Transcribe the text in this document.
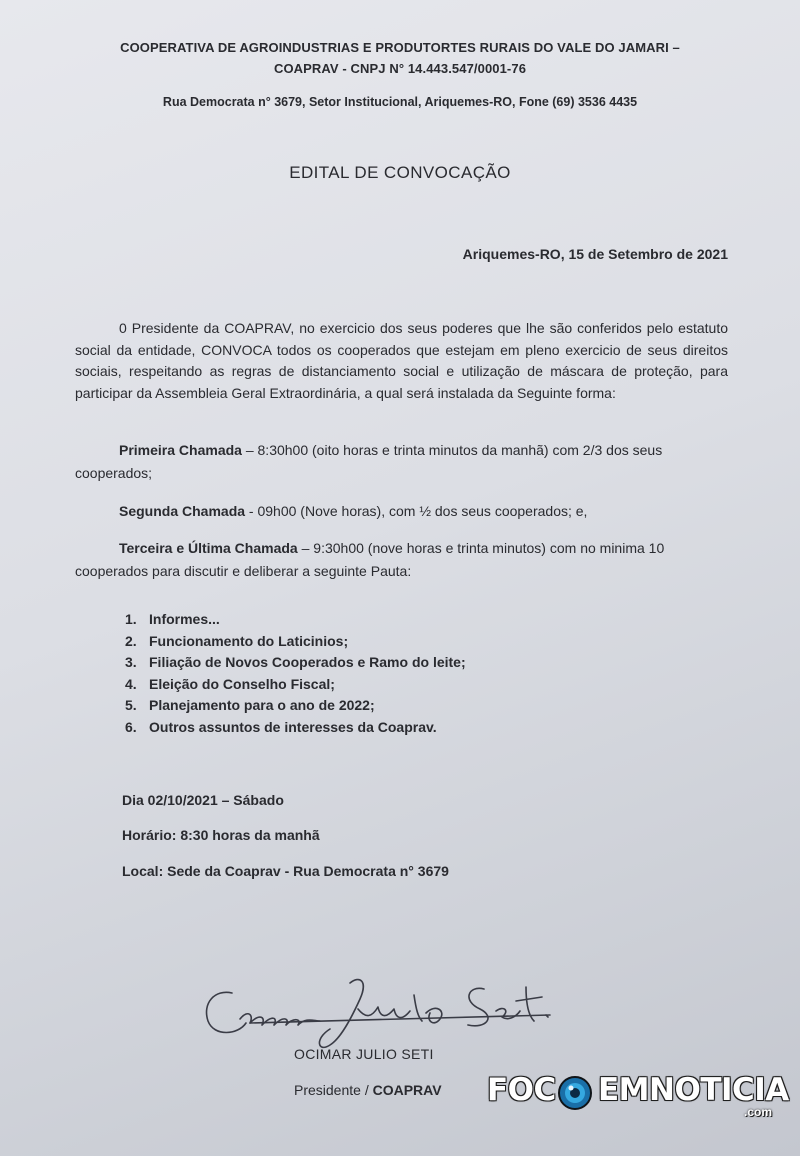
COOPERATIVA DE AGROINDUSTRIAS E PRODUTORTES RURAIS DO VALE DO JAMARI –
COAPRAV - CNPJ N° 14.443.547/0001-76
Rua Democrata n° 3679, Setor Institucional, Ariquemes-RO, Fone (69) 3536 4435
EDITAL DE CONVOCAÇÃO
Ariquemes-RO, 15 de Setembro de 2021
0 Presidente da COAPRAV, no exercicio dos seus poderes que lhe são conferidos pelo estatuto social da entidade, CONVOCA todos os cooperados que estejam em pleno exercicio de seus direitos sociais, respeitando as regras de distanciamento social e utilização de máscara de proteção, para participar da Assembleia Geral Extraordinária, a qual será instalada da Seguinte forma:
Primeira Chamada – 8:30h00 (oito horas e trinta minutos da manhã) com 2/3 dos seus cooperados;
Segunda Chamada - 09h00 (Nove horas), com ½ dos seus cooperados; e,
Terceira e Última Chamada – 9:30h00 (nove horas e trinta minutos) com no minima 10 cooperados para discutir e deliberar a seguinte Pauta:
1. Informes...
2. Funcionamento do Laticinios;
3. Filiação de Novos Cooperados e Ramo do leite;
4. Eleição do Conselho Fiscal;
5. Planejamento para o ano de 2022;
6. Outros assuntos de interesses da Coaprav.
Dia 02/10/2021 – Sábado
Horário: 8:30 horas da manhã
Local: Sede da Coaprav - Rua Democrata n° 3679
OCIMAR JULIO SETI
Presidente / COAPRAV FOC EMNOTICIA
.com
